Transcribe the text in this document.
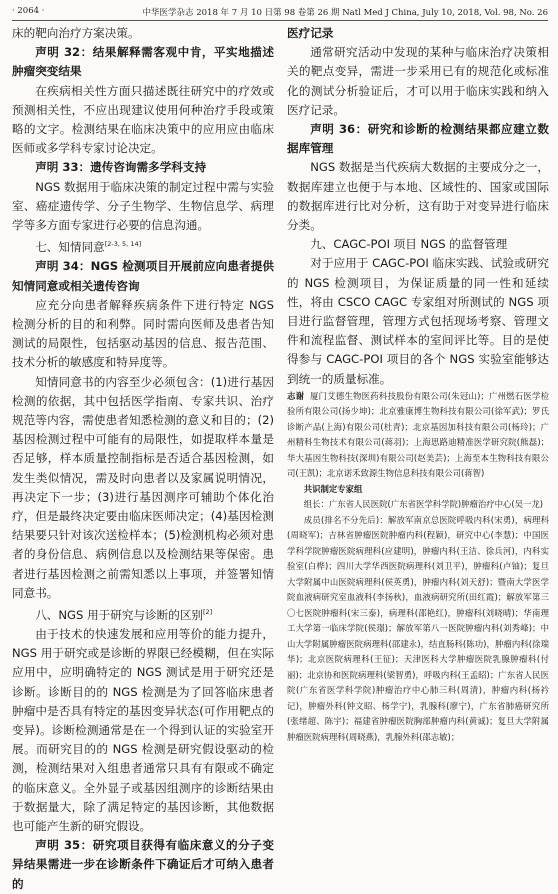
· 2064 ·	中华医学杂志 2018 年 7 月 10 日第 98 卷第 26 期 Natl Med J China, July 10, 2018, Vol. 98, No. 26

床的靶向治疗方案决策。

声明 32：结果解释需客观中肯，平实地描述肿瘤突变结果

在疾病相关性方面只描述既往研究中的疗效或预测相关性，不应出现建议使用何种治疗手段或策略的文字。检测结果在临床决策中的应用应由临床医师或多学科专家讨论决定。

声明 33：遗传咨询需多学科支持

NGS 数据用于临床决策的制定过程中需与实验室、癌症遗传学、分子生物学、生物信息学、病理学等多方面专家进行必要的信息沟通。

七、知情同意[2-3, 5, 14]

声明 34：NGS 检测项目开展前应向患者提供知情同意或相关遗传咨询

应充分向患者解释疾病条件下进行特定 NGS 检测分析的目的和利弊。同时需向医师及患者告知测试的局限性，包括驱动基因的信息、报告范围、技术分析的敏感度和特异度等。

知情同意书的内容至少必须包含：(1)进行基因检测的依据，其中包括医学指南、专家共识、治疗规范等内容，需使患者知悉检测的意义和目的；(2)基因检测过程中可能有的局限性，如提取样本量是否足够，样本质量控制指标是否适合基因检测，如发生类似情况，需及时向患者以及家属说明情况，再决定下一步；(3)进行基因测序可辅助个体化治疗，但是最终决定要由临床医师决定；(4)基因检测结果要只针对该次送检样本；(5)检测机构必须对患者的身份信息、病例信息以及检测结果等保密。患者进行基因检测之前需知悉以上事项，并签署知情同意书。

八、NGS 用于研究与诊断的区别[2]

由于技术的快速发展和应用等价的能力提升，NGS 用于研究或是诊断的界限已经模糊，但在实际应用中，应明确特定的 NGS 测试是用于研究还是诊断。诊断目的的 NGS 检测是为了回答临床患者肿瘤中是否具有特定的基因变异状态(可作用靶点的变异)。诊断检测通常是在一个得到认证的实验室开展。而研究目的的 NGS 检测是研究假设驱动的检测，检测结果对入组患者通常只具有有限或不确定的临床意义。全外显子或基因组测序的诊断结果由于数据量大，除了满足特定的基因诊断，其他数据也可能产生新的研究假设。

声明 35：研究项目获得有临床意义的分子变异结果需进一步在诊断条件下确证后才可纳入患者的

医疗记录

通常研究活动中发现的某种与临床治疗决策相关的靶点变异，需进一步采用已有的规范化或标准化的测试分析验证后，才可以用于临床实践和纳入医疗记录。

声明 36：研究和诊断的检测结果都应建立数据库管理

NGS 数据是当代疾病大数据的主要成分之一，数据库建立也便于与本地、区域性的、国家或国际的数据库进行比对分析，这有助于对变异进行临床分类。

九、CAGC-POI 项目 NGS 的监督管理

对于应用于 CAGC-POI 临床实践、试验或研究的 NGS 检测项目，为保证质量的同一性和延续性，将由 CSCO CAGC 专家组对所测试的 NGS 项目进行监督管理，管理方式包括现场考察、管理文件和流程监督、测试样本的室间评比等。目的是使得参与 CAGC-POI 项目的各个 NGS 实验室能够达到统一的质量标准。

志谢 厦门艾德生物医药科技股份有限公司(朱冠山)；广州燃石医学检验所有限公司(扬少坤)；北京雅康博生物科技有限公司(徐军武)；罗氏诊断产品(上海)有限公司(杜青)；北京基因加科技有限公司(杨玲)；广州精科生物技术有限公司(蒋羽)；上海思路迪精准医学研究院(熊磊)；华大基因生物科技(深圳)有限公司(赵美芸)；上海至本生物科技有限公司(王凯)；北京诺禾致源生物信息科技有限公司(蒋智)
共识制定专家组
组长：广东省人民医院(广东省医学科学院)肿瘤治疗中心(吴一龙)
成员(排名不分先后)：解放军南京总医院呼吸内科(宋勇)，病理科(周晓军)；吉林省肿瘤医院肿瘤内科(程颖)，研究中心(李慧)；中国医学科学院肿瘤医院病理科(应建明)，肿瘤内科(王洁、徐兵河)，内科实验室(白桦)；四川大学华西医院病理科(刘卫平)，肿瘤科(卢铀)；复旦大学附属中山医院病理科(侯英勇)，肿瘤内科(刘天舒)；暨南大学医学院血液病研究室血液科(李扬秋)，血液病研究所(田红霞)；解放军第三〇七医院肿瘤科(宋三泰)，病理科(邵艳红)，肿瘤科(刘晓晴)；华南理工大学第一临床学院(侯璟)；解放军第八一医院肿瘤内科(刘秀峰)；中山大学附属肿瘤医院病理科(邵建永)，结直肠科(陈功)，肿瘤内科(徐瑞华)；北京医院病理科(王征)；天津医科大学肿瘤医院乳腺肿瘤科(付丽)；北京协和医院病理科(梁智勇)，呼吸内科(王孟昭)；广东省人民医院(广东省医学科学院)肿瘤治疗中心肺三科(周清)，肿瘤内科(杨衿记)，肿瘤外科(钟文昭、杨学宁)，乳腺科(廖宁)，广东省肺癌研究所(张绪超、陈宇)；福建省肿瘤医院胸部肿瘤内科(黄诚)；复旦大学附属肿瘤医院病理科(周晓燕)，乳腺外科(邵志敏)；
